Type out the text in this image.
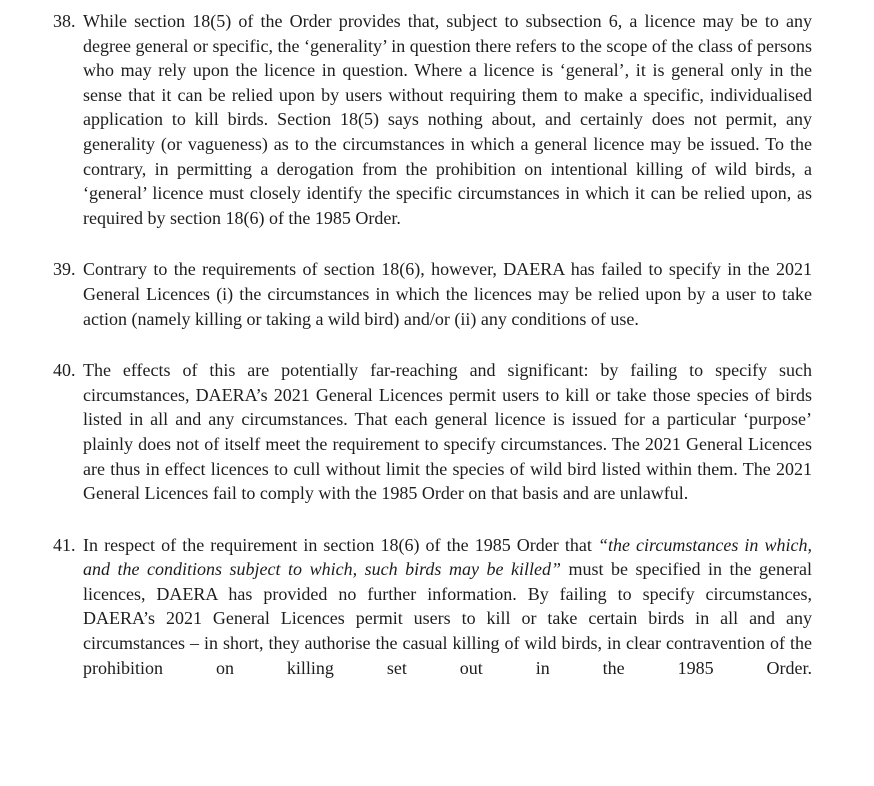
38. While section 18(5) of the Order provides that, subject to subsection 6, a licence may be to any degree general or specific, the ‘generality’ in question there refers to the scope of the class of persons who may rely upon the licence in question. Where a licence is ‘general’, it is general only in the sense that it can be relied upon by users without requiring them to make a specific, individualised application to kill birds. Section 18(5) says nothing about, and certainly does not permit, any generality (or vagueness) as to the circumstances in which a general licence may be issued. To the contrary, in permitting a derogation from the prohibition on intentional killing of wild birds, a ‘general’ licence must closely identify the specific circumstances in which it can be relied upon, as required by section 18(6) of the 1985 Order.
39. Contrary to the requirements of section 18(6), however, DAERA has failed to specify in the 2021 General Licences (i) the circumstances in which the licences may be relied upon by a user to take action (namely killing or taking a wild bird) and/or (ii) any conditions of use.
40. The effects of this are potentially far-reaching and significant: by failing to specify such circumstances, DAERA’s 2021 General Licences permit users to kill or take those species of birds listed in all and any circumstances. That each general licence is issued for a particular ‘purpose’ plainly does not of itself meet the requirement to specify circumstances. The 2021 General Licences are thus in effect licences to cull without limit the species of wild bird listed within them. The 2021 General Licences fail to comply with the 1985 Order on that basis and are unlawful.
41. In respect of the requirement in section 18(6) of the 1985 Order that “the circumstances in which, and the conditions subject to which, such birds may be killed” must be specified in the general licences, DAERA has provided no further information. By failing to specify circumstances, DAERA’s 2021 General Licences permit users to kill or take certain birds in all and any circumstances – in short, they authorise the casual killing of wild birds, in clear contravention of the prohibition on killing set out in the 1985 Order.
